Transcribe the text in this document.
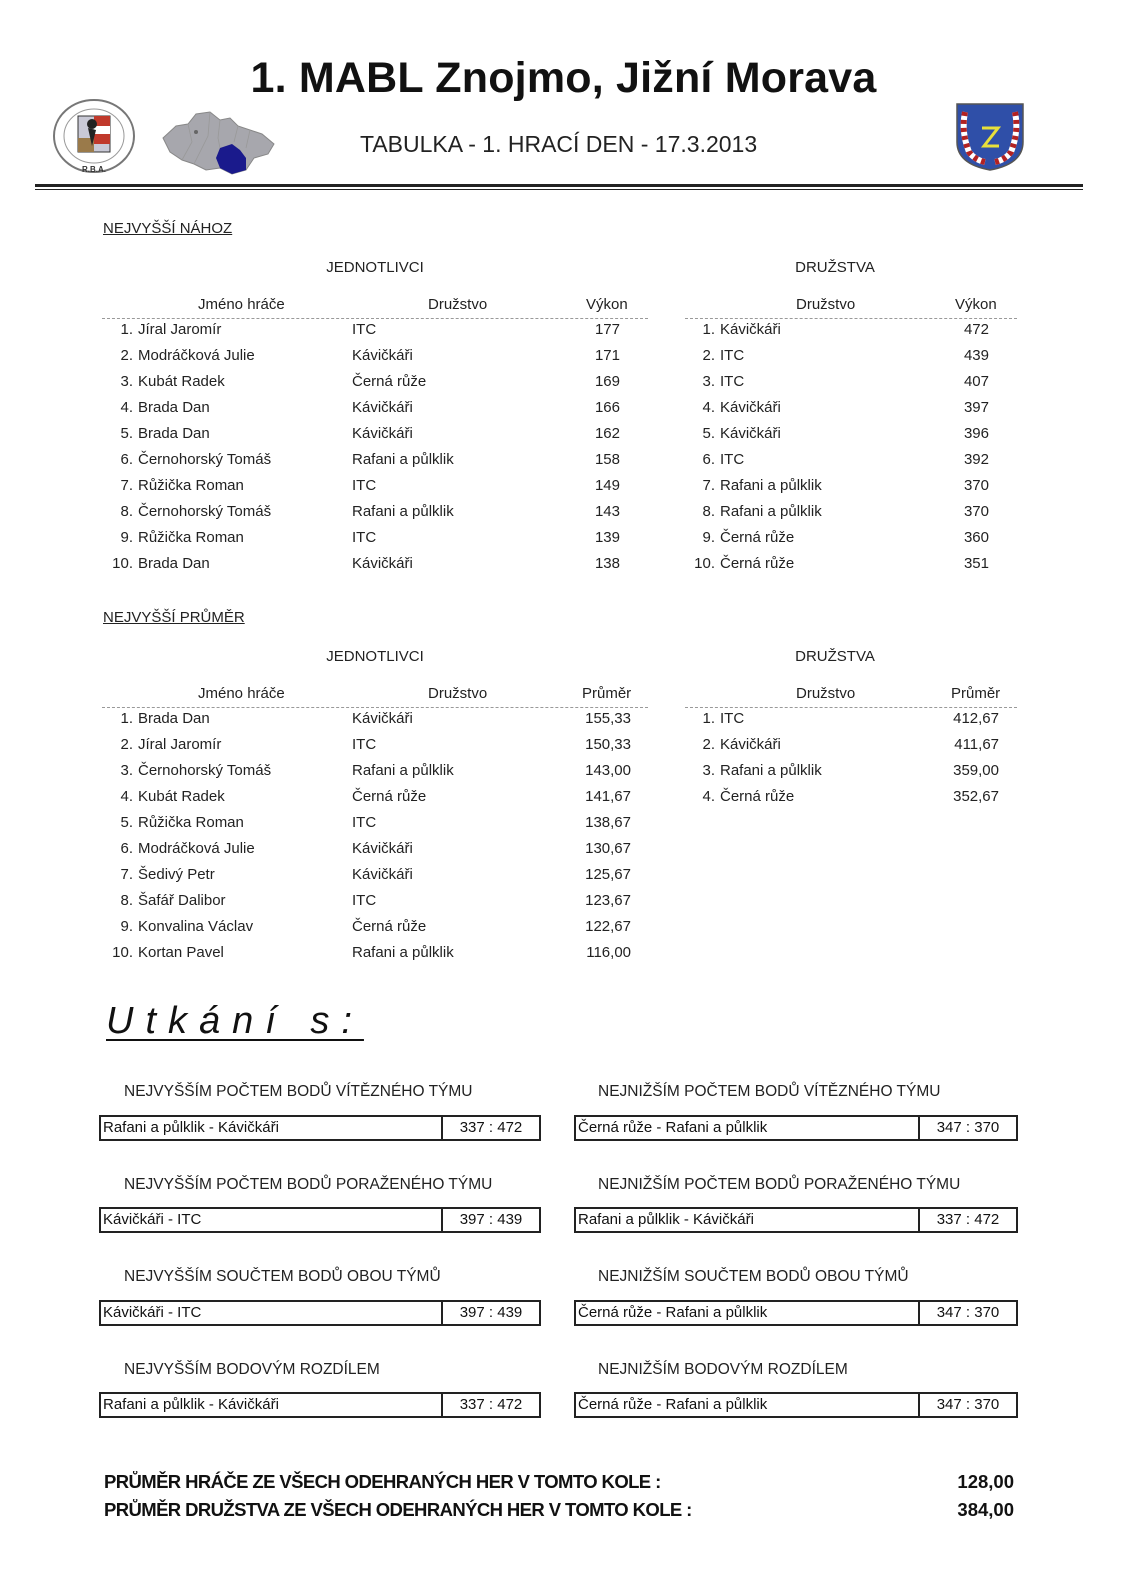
1. MABL Znojmo, Jižní Morava
TABULKA - 1. HRACÍ DEN - 17.3.2013
R.B.A.
NEJVYŠŠÍ NÁHOZ
JEDNOTLIVCI	DRUŽSTVA
Jméno hráče	Družstvo	Výkon
1. Jíral Jaromír	ITC	177
2. Modráčková Julie	Kávičkáři	171
3. Kubát Radek	Černá růže	169
4. Brada Dan	Kávičkáři	166
5. Brada Dan	Kávičkáři	162
6. Černohorský Tomáš	Rafani a půlklik	158
7. Růžička Roman	ITC	149
8. Černohorský Tomáš	Rafani a půlklik	143
9. Růžička Roman	ITC	139
10. Brada Dan	Kávičkáři	138
Družstvo	Výkon
1. Kávičkáři	472
2. ITC	439
3. ITC	407
4. Kávičkáři	397
5. Kávičkáři	396
6. ITC	392
7. Rafani a půlklik	370
8. Rafani a půlklik	370
9. Černá růže	360
10. Černá růže	351
NEJVYŠŠÍ PRŮMĚR
JEDNOTLIVCI	DRUŽSTVA
Jméno hráče	Družstvo	Průměr
1. Brada Dan	Kávičkáři	155,33
2. Jíral Jaromír	ITC	150,33
3. Černohorský Tomáš	Rafani a půlklik	143,00
4. Kubát Radek	Černá růže	141,67
5. Růžička Roman	ITC	138,67
6. Modráčková Julie	Kávičkáři	130,67
7. Šedivý Petr	Kávičkáři	125,67
8. Šafář Dalibor	ITC	123,67
9. Konvalina Václav	Černá růže	122,67
10. Kortan Pavel	Rafani a půlklik	116,00
Družstvo	Průměr
1. ITC	412,67
2. Kávičkáři	411,67
3. Rafani a půlklik	359,00
4. Černá růže	352,67
Utkání s:
NEJVYŠŠÍM POČTEM BODŮ VÍTĚZNÉHO TÝMU
Rafani a půlklik - Kávičkáři	337 : 472
NEJNIŽŠÍM POČTEM BODŮ VÍTĚZNÉHO TÝMU
Černá růže - Rafani a půlklik	347 : 370
NEJVYŠŠÍM POČTEM BODŮ PORAŽENÉHO TÝMU
Kávičkáři - ITC	397 : 439
NEJNIŽŠÍM POČTEM BODŮ PORAŽENÉHO TÝMU
Rafani a půlklik - Kávičkáři	337 : 472
NEJVYŠŠÍM SOUČTEM BODŮ OBOU TÝMŮ
Kávičkáři - ITC	397 : 439
NEJNIŽŠÍM SOUČTEM BODŮ OBOU TÝMŮ
Černá růže - Rafani a půlklik	347 : 370
NEJVYŠŠÍM BODOVÝM ROZDÍLEM
Rafani a půlklik - Kávičkáři	337 : 472
NEJNIŽŠÍM BODOVÝM ROZDÍLEM
Černá růže - Rafani a půlklik	347 : 370
PRŮMĚR HRÁČE ZE VŠECH ODEHRANÝCH HER V TOMTO KOLE :	128,00
PRŮMĚR DRUŽSTVA ZE VŠECH ODEHRANÝCH HER V TOMTO KOLE :	384,00
